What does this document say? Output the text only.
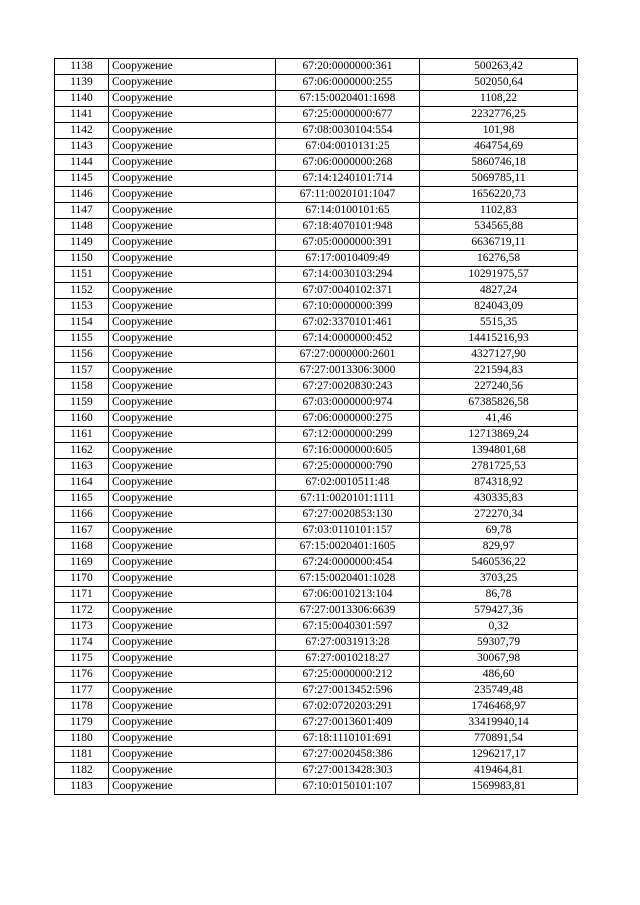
1138	Сооружение	67:20:0000000:361	500263,42
1139	Сооружение	67:06:0000000:255	502050,64
1140	Сооружение	67:15:0020401:1698	1108,22
1141	Сооружение	67:25:0000000:677	2232776,25
1142	Сооружение	67:08:0030104:554	101,98
1143	Сооружение	67:04:0010131:25	464754,69
1144	Сооружение	67:06:0000000:268	5860746,18
1145	Сооружение	67:14:1240101:714	5069785,11
1146	Сооружение	67:11:0020101:1047	1656220,73
1147	Сооружение	67:14:0100101:65	1102,83
1148	Сооружение	67:18:4070101:948	534565,88
1149	Сооружение	67:05:0000000:391	6636719,11
1150	Сооружение	67:17:0010409:49	16276,58
1151	Сооружение	67:14:0030103:294	10291975,57
1152	Сооружение	67:07:0040102:371	4827,24
1153	Сооружение	67:10:0000000:399	824043,09
1154	Сооружение	67:02:3370101:461	5515,35
1155	Сооружение	67:14:0000000:452	14415216,93
1156	Сооружение	67:27:0000000:2601	4327127,90
1157	Сооружение	67:27:0013306:3000	221594,83
1158	Сооружение	67:27:0020830:243	227240,56
1159	Сооружение	67:03:0000000:974	67385826,58
1160	Сооружение	67:06:0000000:275	41,46
1161	Сооружение	67:12:0000000:299	12713869,24
1162	Сооружение	67:16:0000000:605	1394801,68
1163	Сооружение	67:25:0000000:790	2781725,53
1164	Сооружение	67:02:0010511:48	874318,92
1165	Сооружение	67:11:0020101:1111	430335,83
1166	Сооружение	67:27:0020853:130	272270,34
1167	Сооружение	67:03:0110101:157	69,78
1168	Сооружение	67:15:0020401:1605	829,97
1169	Сооружение	67:24:0000000:454	5460536,22
1170	Сооружение	67:15:0020401:1028	3703,25
1171	Сооружение	67:06:0010213:104	86,78
1172	Сооружение	67:27:0013306:6639	579427,36
1173	Сооружение	67:15:0040301:597	0,32
1174	Сооружение	67:27:0031913:28	59307,79
1175	Сооружение	67:27:0010218:27	30067,98
1176	Сооружение	67:25:0000000:212	486,60
1177	Сооружение	67:27:0013452:596	235749,48
1178	Сооружение	67:02:0720203:291	1746468,97
1179	Сооружение	67:27:0013601:409	33419940,14
1180	Сооружение	67:18:1110101:691	770891,54
1181	Сооружение	67:27:0020458:386	1296217,17
1182	Сооружение	67:27:0013428:303	419464,81
1183	Сооружение	67:10:0150101:107	1569983,81
